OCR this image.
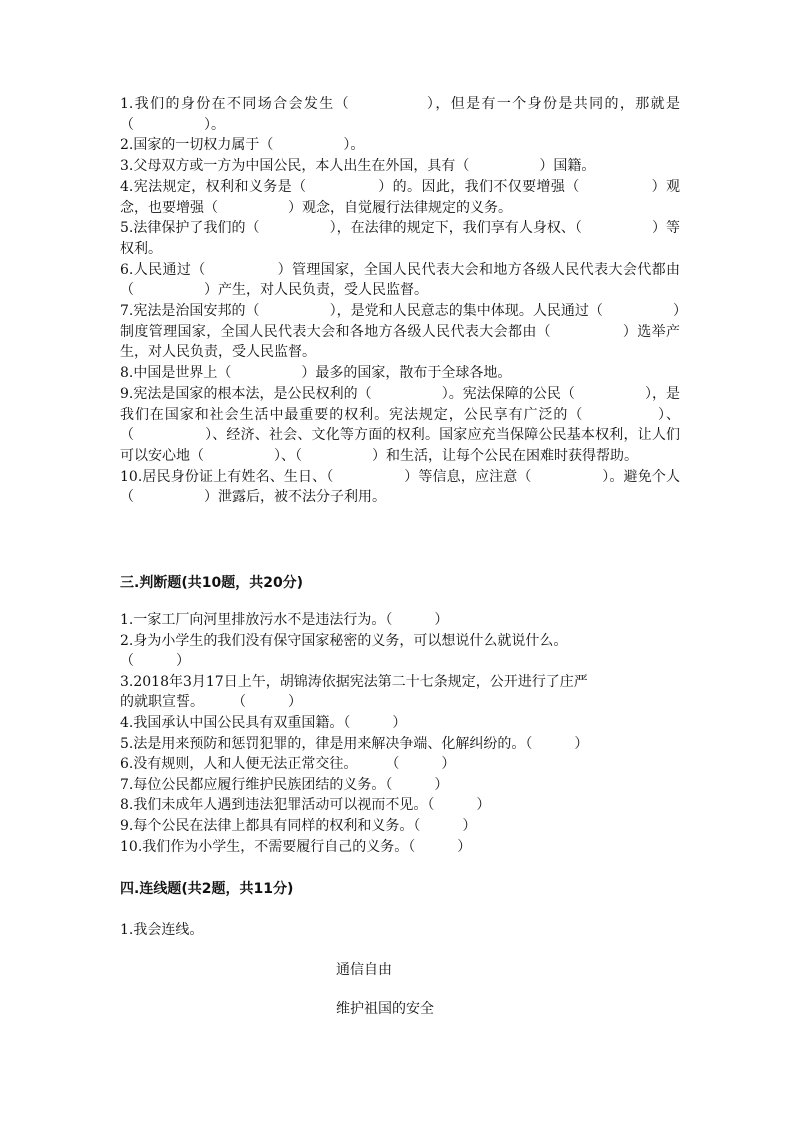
1.我们的身份在不同场合会发生（　　　　　），但是有一个身份是共同的，那就是（　　　　　）。

2.国家的一切权力属于（　　　　　）。

3.父母双方或一方为中国公民，本人出生在外国，具有（　　　　　）国籍。

4.宪法规定，权利和义务是（　　　　　）的。因此，我们不仅要增强（　　　　　）观念，也要增强（　　　　　）观念，自觉履行法律规定的义务。

5.法律保护了我们的（　　　　　），在法律的规定下，我们享有人身权、（　　　　　）等权利。

6.人民通过（　　　　　）管理国家，全国人民代表大会和地方各级人民代表大会代都由（　　　　　）产生，对人民负责，受人民监督。

7.宪法是治国安邦的（　　　　　），是党和人民意志的集中体现。人民通过（　　　　　）制度管理国家，全国人民代表大会和各地方各级人民代表大会都由（　　　　　）选举产生，对人民负责，受人民监督。

8.中国是世界上（　　　　　）最多的国家，散布于全球各地。

9.宪法是国家的根本法，是公民权利的（　　　　　）。宪法保障的公民（　　　　　），是我们在国家和社会生活中最重要的权利。宪法规定，公民享有广泛的（　　　　　）、（　　　　　）、经济、社会、文化等方面的权利。国家应充当保障公民基本权利，让人们可以安心地（　　　　　）、（　　　　　）和生活，让每个公民在困难时获得帮助。

10.居民身份证上有姓名、生日、（　　　　　）等信息，应注意（　　　　　）。避免个人（　　　　　）泄露后，被不法分子利用。

三.判断题(共10题，共20分)

1.一家工厂向河里排放污水不是违法行为。（　　　）

2.身为小学生的我们没有保守国家秘密的义务，可以想说什么就说什么。

（　　　）

3.2018年3月17日上午，胡锦涛依据宪法第二十七条规定，公开进行了庄严

的就职宣誓。　　　（　　　）

4.我国承认中国公民具有双重国籍。（　　　）

5.法是用来预防和惩罚犯罪的，律是用来解决争端、化解纠纷的。（　　　）

6.没有规则，人和人便无法正常交往。　　　（　　　）

7.每位公民都应履行维护民族团结的义务。（　　　）

8.我们未成年人遇到违法犯罪活动可以视而不见。（　　　）

9.每个公民在法律上都具有同样的权利和义务。（　　　）

10.我们作为小学生，不需要履行自己的义务。（　　　）

四.连线题(共2题，共11分)
1.我会连线。
通信自由
维护祖国的安全
